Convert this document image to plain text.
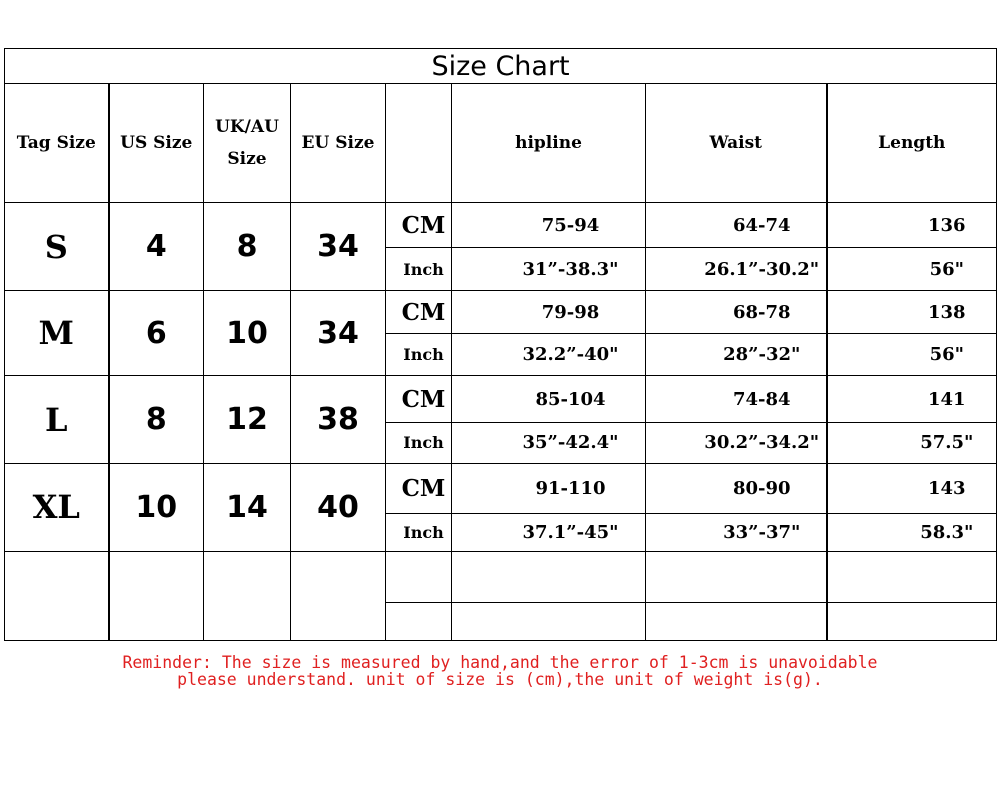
Size Chart							
Tag Size	US Size	UK/AU
Size	EU Size		hipline	Waist	Length
S	4	8	34	CM	75-94	64-74	136
				Inch	31”-38.3"	26.1”-30.2"	56"
M	6	10	34	CM	79-98	68-78	138
				Inch	32.2”-40"	28”-32"	56"
L	8	12	38	CM	85-104	74-84	141
				Inch	35”-42.4"	30.2”-34.2"	57.5"
XL	10	14	40	CM	91-110	80-90	143
				Inch	37.1”-45"	33”-37"	58.3"

Reminder: The size is measured by hand,and the error of 1-3cm is unavoidable
please understand. unit of size is (cm),the unit of weight is(g).
